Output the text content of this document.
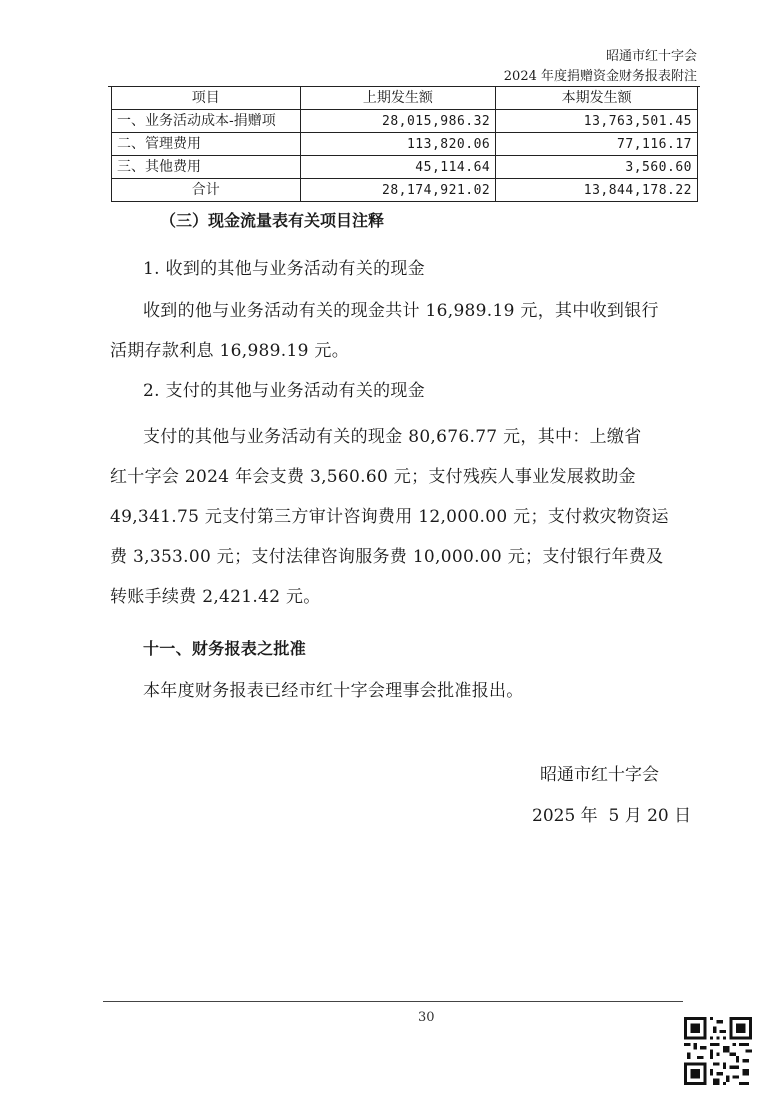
昭通市红十字会
2024 年度捐赠资金财务报表附注
项目	上期发生额	本期发生额
一、业务活动成本-捐赠项	28,015,986.32	13,763,501.45
二、管理费用	113,820.06	77,116.17
三、其他费用	45,114.64	3,560.60
合计	28,174,921.02	13,844,178.22
（三）现金流量表有关项目注释
1. 收到的其他与业务活动有关的现金
收到的他与业务活动有关的现金共计 16,989.19 元，其中收到银行
活期存款利息 16,989.19 元。
2. 支付的其他与业务活动有关的现金
支付的其他与业务活动有关的现金 80,676.77 元，其中：上缴省
红十字会 2024 年会支费 3,560.60 元；支付残疾人事业发展救助金
49,341.75 元支付第三方审计咨询费用 12,000.00 元；支付救灾物资运
费 3,353.00 元；支付法律咨询服务费 10,000.00 元；支付银行年费及
转账手续费 2,421.42 元。
十一、财务报表之批准
本年度财务报表已经市红十字会理事会批准报出。
昭通市红十字会
2025 年  5 月 20 日
30
